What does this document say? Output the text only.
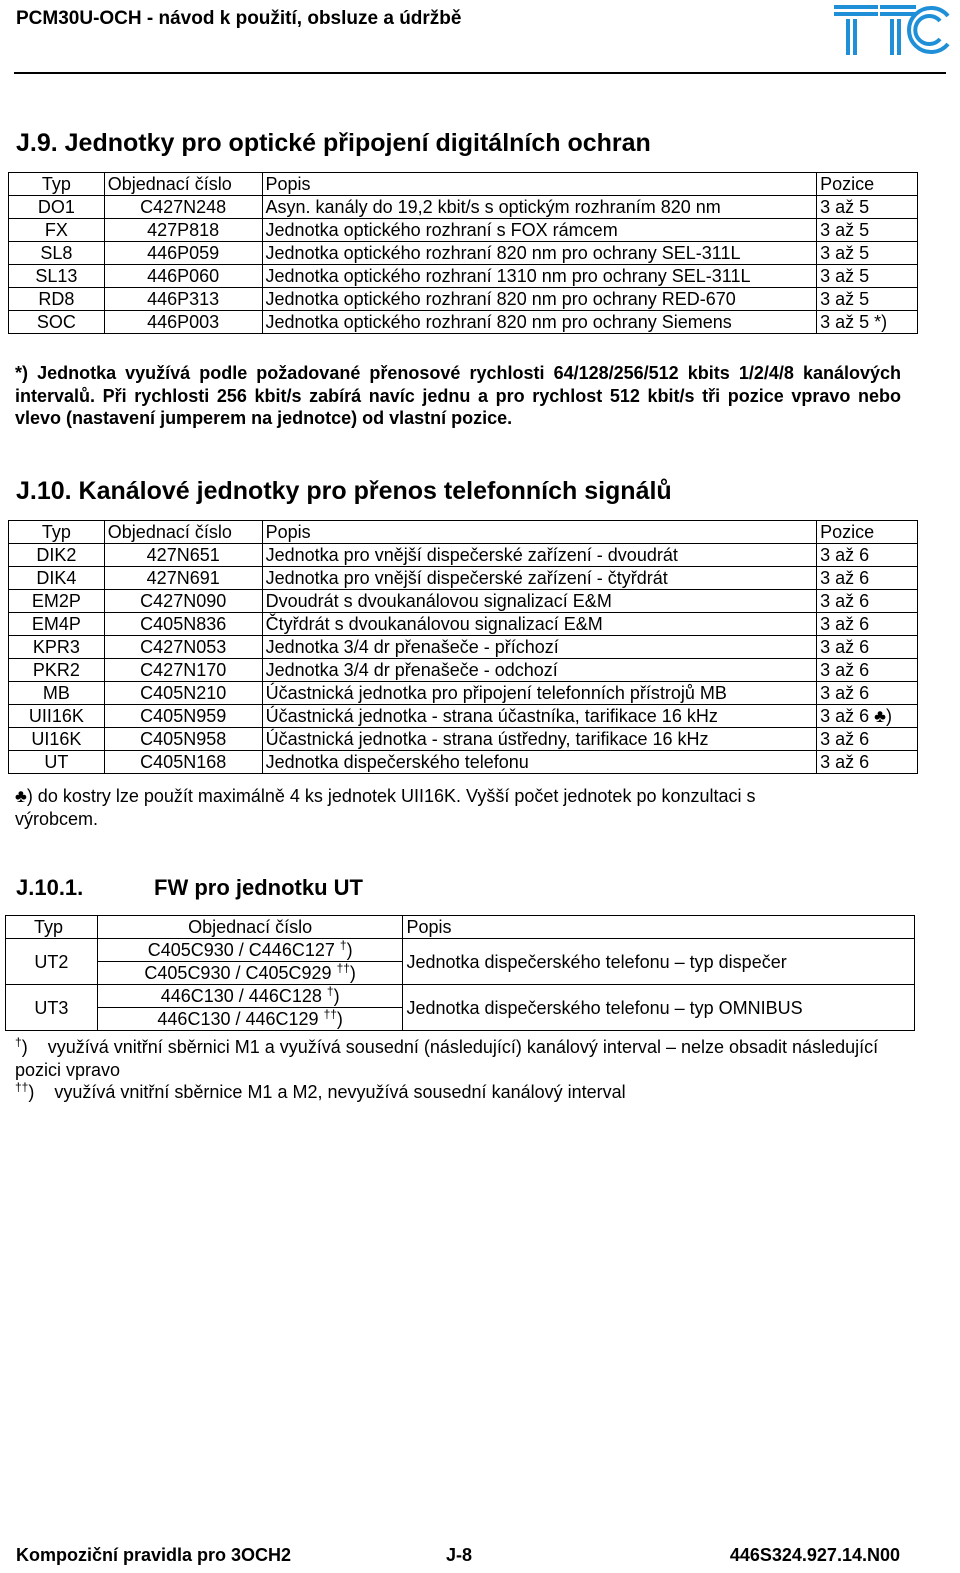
PCM30U-OCH - návod k použití, obsluze a údržbě
J.9. Jednotky pro optické připojení digitálních ochran
Typ	Objednací číslo	Popis	Pozice
DO1	C427N248	Asyn. kanály do 19,2 kbit/s s optickým rozhraním 820 nm	3 až 5
FX	427P818	Jednotka optického rozhraní s FOX rámcem	3 až 5
SL8	446P059	Jednotka optického rozhraní 820 nm pro ochrany SEL-311L	3 až 5
SL13	446P060	Jednotka optického rozhraní 1310 nm pro ochrany SEL-311L	3 až 5
RD8	446P313	Jednotka optického rozhraní 820 nm pro ochrany RED-670	3 až 5
SOC	446P003	Jednotka optického rozhraní 820 nm pro ochrany Siemens	3 až 5 *)
*) Jednotka využívá podle požadované přenosové rychlosti 64/128/256/512 kbits 1/2/4/8 kanálových intervalů. Při rychlosti 256 kbit/s zabírá navíc jednu a pro rychlost 512 kbit/s tři pozice vpravo nebo vlevo (nastavení jumperem na jednotce) od vlastní pozice.
J.10. Kanálové jednotky pro přenos telefonních signálů
Typ	Objednací číslo	Popis	Pozice
DIK2	427N651	Jednotka pro vnější dispečerské zařízení - dvoudrát	3 až 6
DIK4	427N691	Jednotka pro vnější dispečerské zařízení - čtyřdrát	3 až 6
EM2P	C427N090	Dvoudrát s dvoukanálovou signalizací E&M	3 až 6
EM4P	C405N836	Čtyřdrát s dvoukanálovou signalizací E&M	3 až 6
KPR3	C427N053	Jednotka 3/4 dr přenašeče - příchozí	3 až 6
PKR2	C427N170	Jednotka 3/4 dr přenašeče - odchozí	3 až 6
MB	C405N210	Účastnická jednotka pro připojení telefonních přístrojů MB	3 až 6
UII16K	C405N959	Účastnická jednotka - strana účastníka, tarifikace 16 kHz	3 až 6 ♣)
UI16K	C405N958	Účastnická jednotka - strana ústředny, tarifikace 16 kHz	3 až 6
UT	C405N168	Jednotka dispečerského telefonu	3 až 6
♣) do kostry lze použít maximálně 4 ks jednotek UII16K. Vyšší počet jednotek po konzultaci s výrobcem.
J.10.1.	FW pro jednotku UT
Typ	Objednací číslo	Popis
UT2	C405C930 / C446C127 †)	Jednotka dispečerského telefonu – typ dispečer
	C405C930 / C405C929 ††)	
UT3	446C130 / 446C128 †)	Jednotka dispečerského telefonu – typ OMNIBUS
	446C130 / 446C129 ††)	
†)    využívá vnitřní sběrnici M1 a využívá sousední (následující) kanálový interval – nelze obsadit následující pozici vpravo
††)    využívá vnitřní sběrnice M1 a M2, nevyužívá sousední kanálový interval
Kompoziční pravidla pro 3OCH2	J-8	446S324.927.14.N00
